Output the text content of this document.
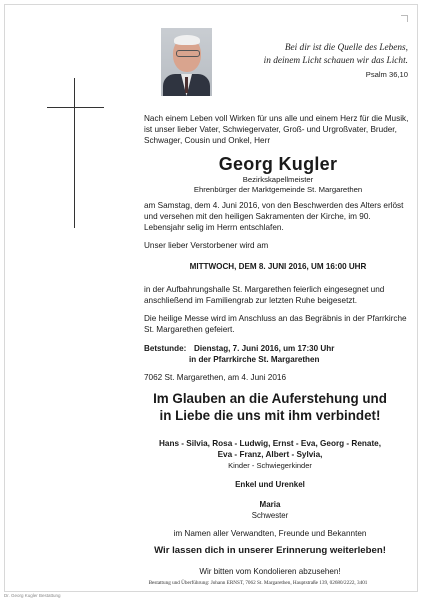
Bei dir ist die Quelle des Lebens,
in deinem Licht schauen wir das Licht.
Psalm 36,10
Nach einem Leben voll Wirken für uns alle und einem Herz für die Musik, ist unser lieber Vater, Schwiegervater, Groß- und Urgroßvater, Bruder, Schwager, Cousin und Onkel, Herr
Georg Kugler
Bezirkskapellmeister
Ehrenbürger der Marktgemeinde St. Margarethen
am Samstag, dem 4. Juni 2016, von den Beschwerden des Alters erlöst und versehen mit den heiligen Sakramenten der Kirche, im 90. Lebensjahr selig im Herrn entschlafen.
Unser lieber Verstorbener wird am
MITTWOCH, DEM 8. JUNI 2016, UM 16:00 UHR
in der Aufbahrungshalle St. Margarethen feierlich eingesegnet und anschließend im Familiengrab zur letzten Ruhe beigesetzt.
Die heilige Messe wird im Anschluss an das Begräbnis in der Pfarrkirche St. Margarethen gefeiert.
Betstunde: Dienstag, 7. Juni 2016, um 17:30 Uhr
in der Pfarrkirche St. Margarethen
7062 St. Margarethen, am 4. Juni 2016
Im Glauben an die Auferstehung und
in Liebe die uns mit ihm verbindet!
Hans - Silvia, Rosa - Ludwig, Ernst - Eva, Georg - Renate,
Eva - Franz, Albert - Sylvia,
Kinder - Schwiegerkinder
Enkel und Urenkel
Maria
Schwester
im Namen aller Verwandten, Freunde und Bekannten
Wir lassen dich in unserer Erinnerung weiterleben!
Wir bitten vom Kondolieren abzusehen!
Bestattung und Überführung: Johann ERNST, 7062 St. Margarethen, Hauptstraße 139, 02680/2222, 3401
Dr. Georg Kugler Bestattung
